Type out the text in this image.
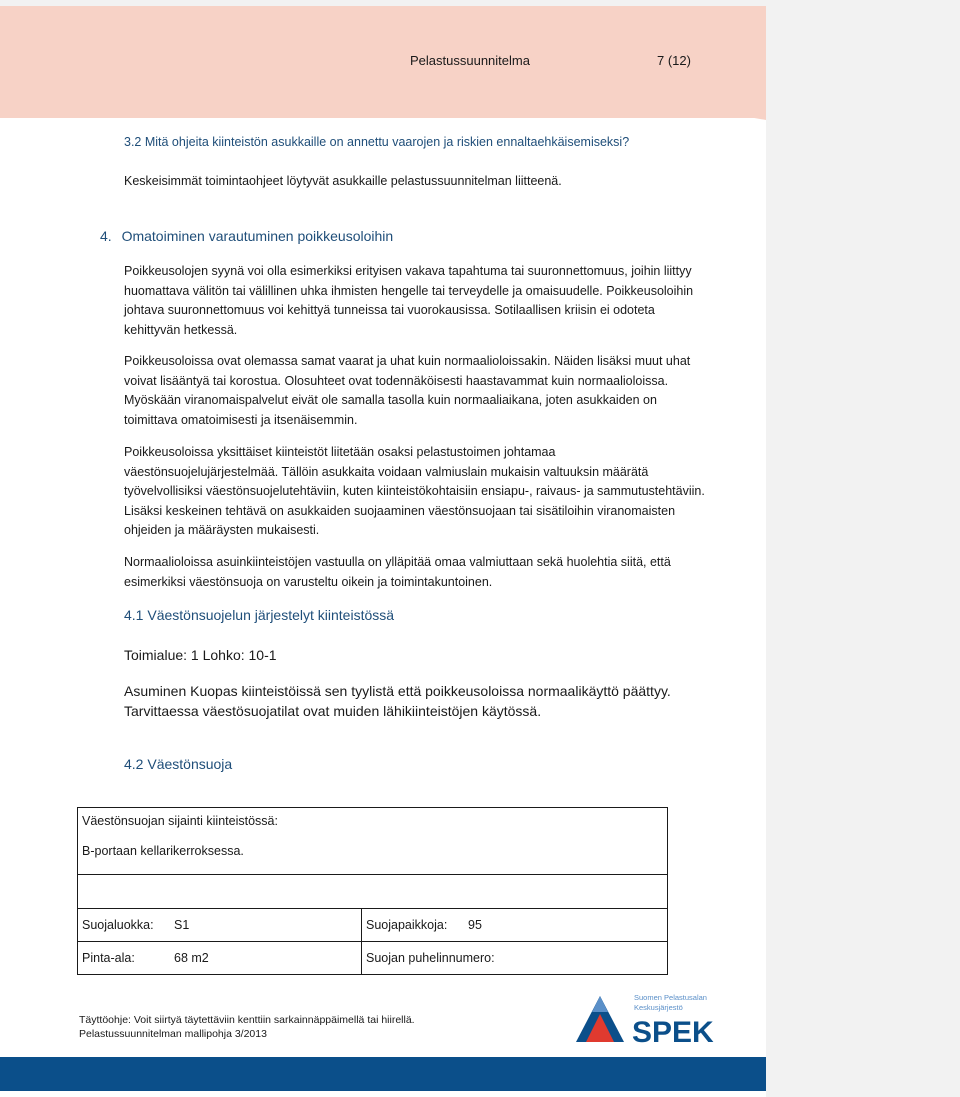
Pelastussuunnitelma	7 (12)
3.2 Mitä ohjeita kiinteistön asukkaille on annettu vaarojen ja riskien ennaltaehkäisemiseksi?
Keskeisimmät toimintaohjeet löytyvät asukkaille pelastussuunnitelman liitteenä.
4. Omatoiminen varautuminen poikkeusoloihin
Poikkeusolojen syynä voi olla esimerkiksi erityisen vakava tapahtuma tai suuronnettomuus, joihin liittyy
huomattava välitön tai välillinen uhka ihmisten hengelle tai terveydelle ja omaisuudelle. Poikkeusoloihin
johtava suuronnettomuus voi kehittyä tunneissa tai vuorokausissa. Sotilaallisen kriisin ei odoteta
kehittyvän hetkessä.
Poikkeusoloissa ovat olemassa samat vaarat ja uhat kuin normaalioloissakin. Näiden lisäksi muut uhat
voivat lisääntyä tai korostua. Olosuhteet ovat todennäköisesti haastavammat kuin normaalioloissa.
Myöskään viranomaispalvelut eivät ole samalla tasolla kuin normaaliaikana, joten asukkaiden on
toimittava omatoimisesti ja itsenäisemmin.
Poikkeusoloissa yksittäiset kiinteistöt liitetään osaksi pelastustoimen johtamaa
väestönsuojelujärjestelmää. Tällöin asukkaita voidaan valmiuslain mukaisin valtuuksin määrätä
työvelvollisiksi väestönsuojelutehtäviin, kuten kiinteistökohtaisiin ensiapu-, raivaus- ja sammutustehtäviin.
Lisäksi keskeinen tehtävä on asukkaiden suojaaminen väestönsuojaan tai sisätiloihin viranomaisten
ohjeiden ja määräysten mukaisesti.
Normaalioloissa asuinkiinteistöjen vastuulla on ylläpitää omaa valmiuttaan sekä huolehtia siitä, että
esimerkiksi väestönsuoja on varusteltu oikein ja toimintakuntoinen.
4.1 Väestönsuojelun järjestelyt kiinteistössä
Toimialue: 1 Lohko: 10-1
Asuminen Kuopas kiinteistöissä sen tyylistä että poikkeusoloissa normaalikäyttö päättyy.
Tarvittaessa väestösuojatilat ovat muiden lähikiinteistöjen käytössä.
4.2 Väestönsuoja
Väestönsuojan sijainti kiinteistössä:
B-portaan kellarikerroksessa.	

Suojaluokka: S1	Suojapaikkoja: 95
Pinta-ala: 68 m2	Suojan puhelinnumero:
Täyttöohje: Voit siirtyä täytettäviin kenttiin sarkainnäppäimellä tai hiirellä.
Pelastussuunnitelman mallipohja 3/2013
Suomen Pelastusalan
Keskusjärjestö
SPEK
